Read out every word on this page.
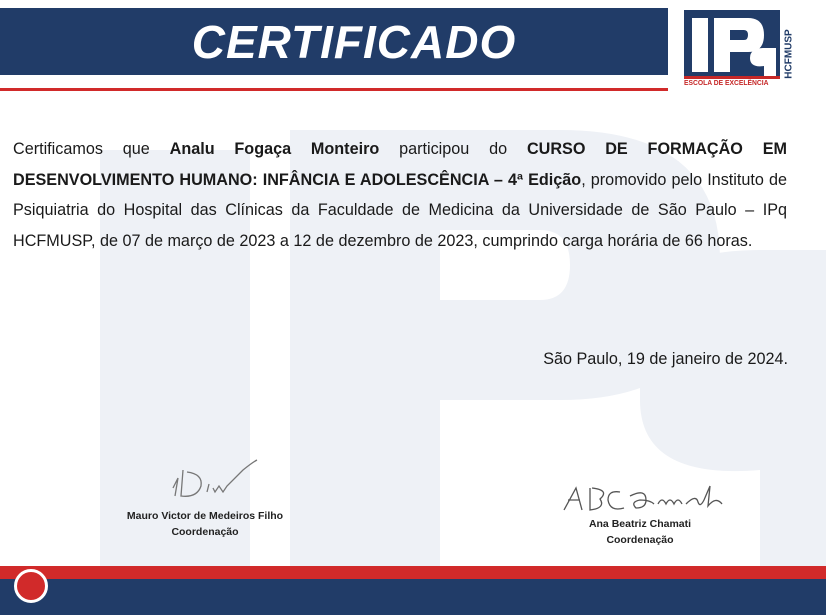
CERTIFICADO
ESCOLA DE EXCELÊNCIA
HCFMUSP
Certificamos que Analu Fogaça Monteiro participou do CURSO DE FORMAÇÃO EM DESENVOLVIMENTO HUMANO: INFÂNCIA E ADOLESCÊNCIA – 4ª Edição, promovido pelo Instituto de Psiquiatria do Hospital das Clínicas da Faculdade de Medicina da Universidade de São Paulo – IPq HCFMUSP, de 07 de março de 2023 a 12 de dezembro de 2023, cumprindo carga horária de 66 horas.
São Paulo, 19 de janeiro de 2024.
Mauro Victor de Medeiros Filho
Coordenação
Ana Beatriz Chamati
Coordenação
